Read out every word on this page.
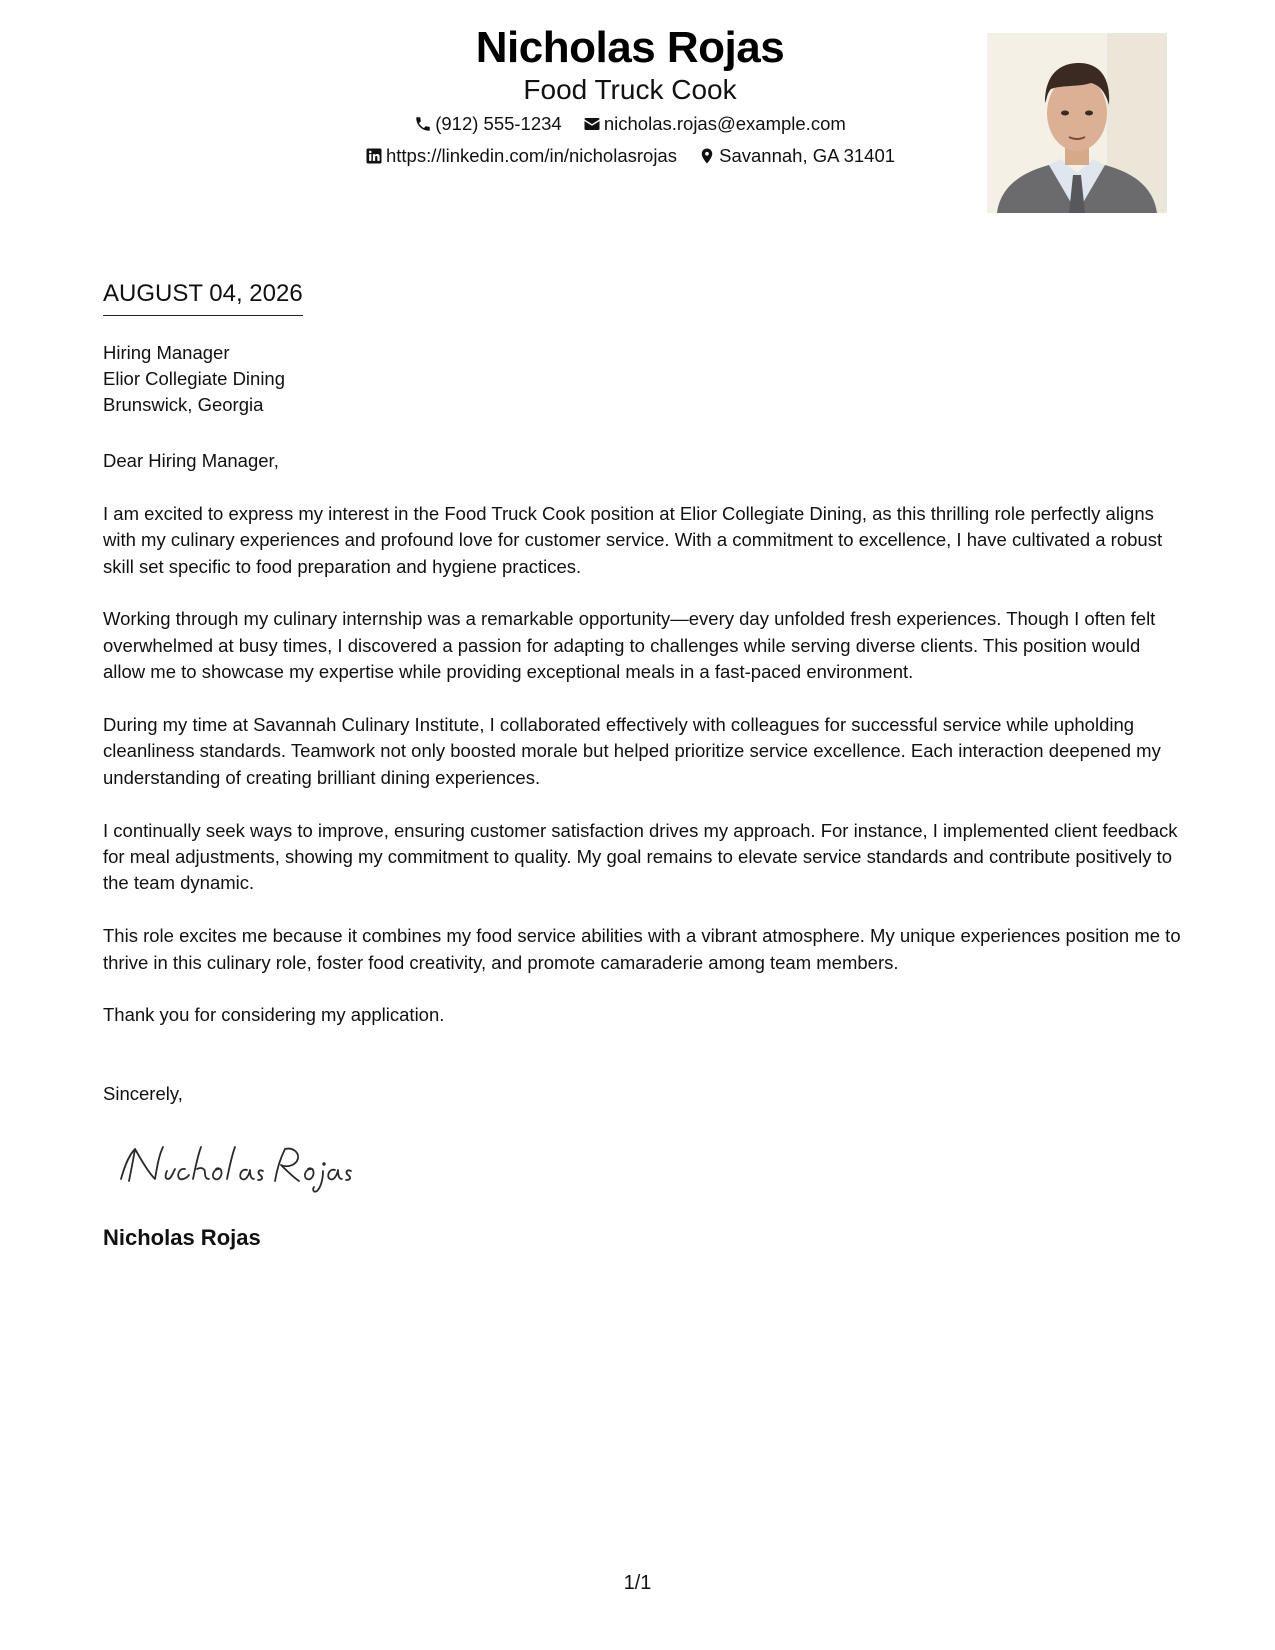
Nicholas Rojas
Food Truck Cook
(912) 555-1234
nicholas.rojas@example.com
https://linkedin.com/in/nicholasrojas
Savannah, GA 31401
AUGUST 04, 2026
Hiring Manager
Elior Collegiate Dining
Brunswick, Georgia

Dear Hiring Manager,

I am excited to express my interest in the Food Truck Cook position at Elior Collegiate Dining, as this thrilling role perfectly aligns with my culinary experiences and profound love for customer service. With a commitment to excellence, I have cultivated a robust skill set specific to food preparation and hygiene practices.

Working through my culinary internship was a remarkable opportunity—every day unfolded fresh experiences. Though I often felt overwhelmed at busy times, I discovered a passion for adapting to challenges while serving diverse clients. This position would allow me to showcase my expertise while providing exceptional meals in a fast-paced environment.

During my time at Savannah Culinary Institute, I collaborated effectively with colleagues for successful service while upholding cleanliness standards. Teamwork not only boosted morale but helped prioritize service excellence. Each interaction deepened my understanding of creating brilliant dining experiences.

I continually seek ways to improve, ensuring customer satisfaction drives my approach. For instance, I implemented client feedback for meal adjustments, showing my commitment to quality. My goal remains to elevate service standards and contribute positively to the team dynamic.

This role excites me because it combines my food service abilities with a vibrant atmosphere. My unique experiences position me to thrive in this culinary role, foster food creativity, and promote camaraderie among team members.

Thank you for considering my application.

Sincerely,
Nicholas Rojas
1/1
